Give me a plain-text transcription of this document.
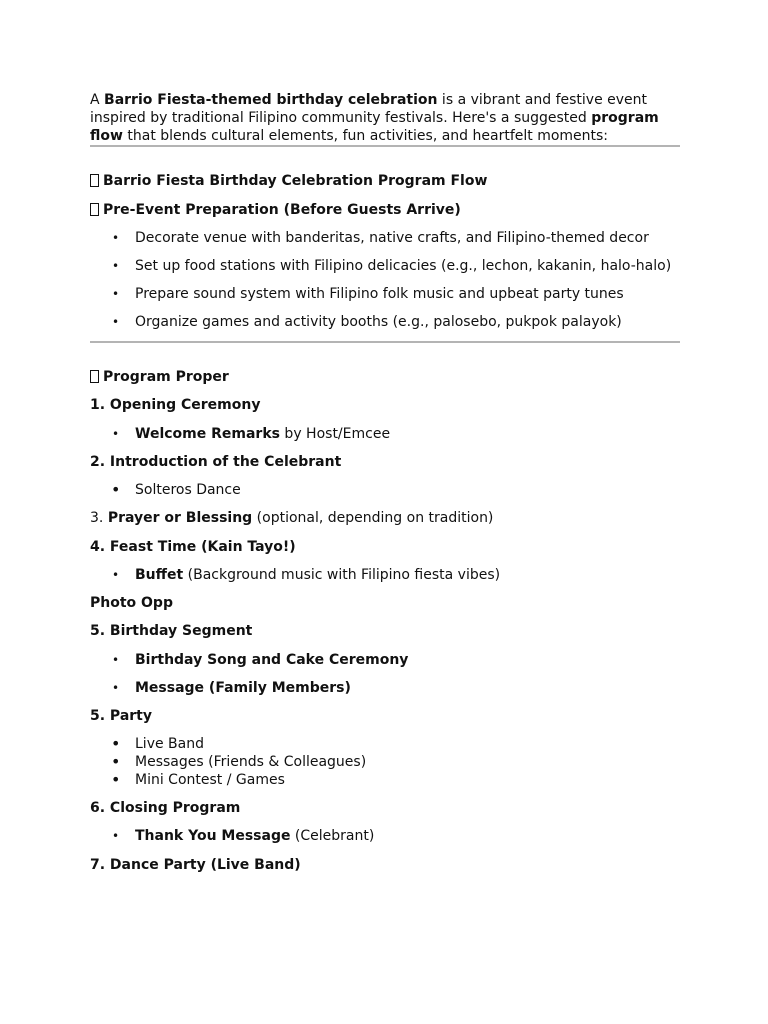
A Barrio Fiesta-themed birthday celebration is a vibrant and festive event inspired by traditional Filipino community festivals. Here's a suggested program flow that blends cultural elements, fun activities, and heartfelt moments:

Barrio Fiesta Birthday Celebration Program Flow

Pre-Event Preparation (Before Guests Arrive)

• Decorate venue with banderitas, native crafts, and Filipino-themed decor
• Set up food stations with Filipino delicacies (e.g., lechon, kakanin, halo-halo)
• Prepare sound system with Filipino folk music and upbeat party tunes
• Organize games and activity booths (e.g., palosebo, pukpok palayok)

Program Proper

1. Opening Ceremony

• Welcome Remarks by Host/Emcee

2. Introduction of the Celebrant

• Solteros Dance

3. Prayer or Blessing (optional, depending on tradition)

4. Feast Time (Kain Tayo!)

• Buffet (Background music with Filipino fiesta vibes)

Photo Opp

5. Birthday Segment

• Birthday Song and Cake Ceremony
• Message (Family Members)

5. Party

• Live Band
• Messages (Friends & Colleagues)
• Mini Contest / Games

6. Closing Program

• Thank You Message (Celebrant)

7. Dance Party (Live Band)
